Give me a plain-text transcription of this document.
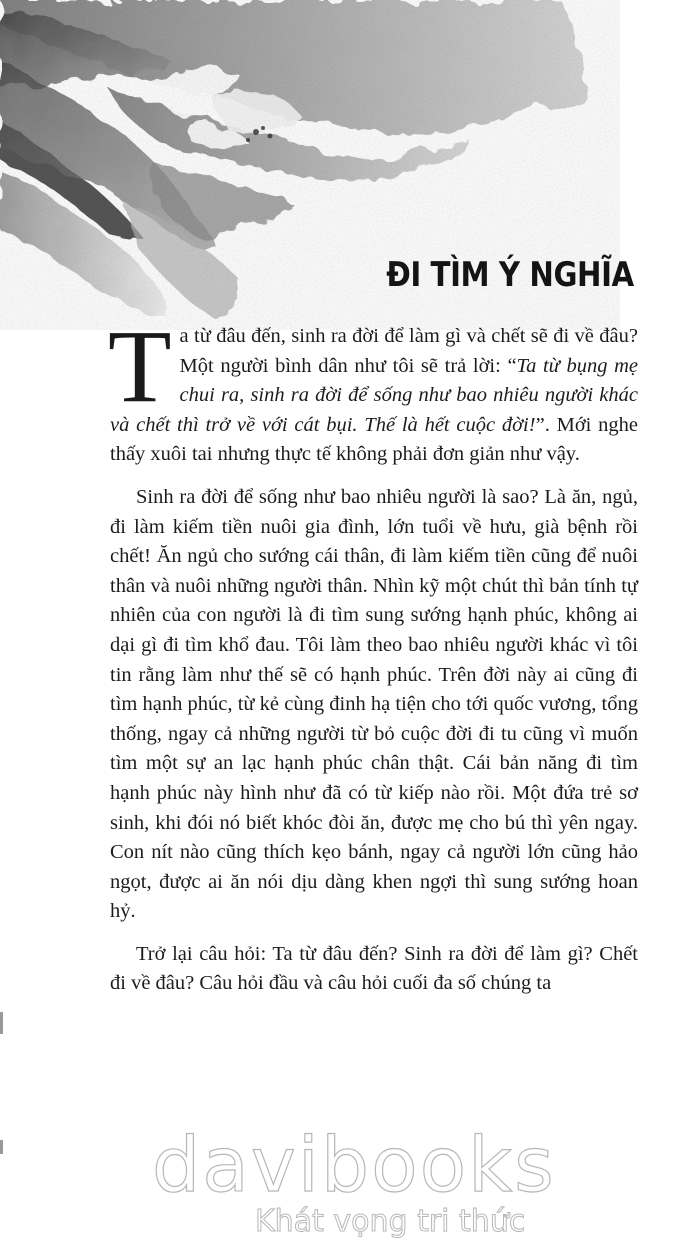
ĐI TÌM Ý NGHĨA

Ta từ đâu đến, sinh ra đời để làm gì và chết sẽ đi về đâu? Một người bình dân như tôi sẽ trả lời: “Ta từ bụng mẹ chui ra, sinh ra đời để sống như bao nhiêu người khác và chết thì trở về với cát bụi. Thế là hết cuộc đời!”. Mới nghe thấy xuôi tai nhưng thực tế không phải đơn giản như vậy.

Sinh ra đời để sống như bao nhiêu người là sao? Là ăn, ngủ, đi làm kiếm tiền nuôi gia đình, lớn tuổi về hưu, già bệnh rồi chết! Ăn ngủ cho sướng cái thân, đi làm kiếm tiền cũng để nuôi thân và nuôi những người thân. Nhìn kỹ một chút thì bản tính tự nhiên của con người là đi tìm sung sướng hạnh phúc, không ai dại gì đi tìm khổ đau. Tôi làm theo bao nhiêu người khác vì tôi tin rằng làm như thế sẽ có hạnh phúc. Trên đời này ai cũng đi tìm hạnh phúc, từ kẻ cùng đinh hạ tiện cho tới quốc vương, tổng thống, ngay cả những người từ bỏ cuộc đời đi tu cũng vì muốn tìm một sự an lạc hạnh phúc chân thật. Cái bản năng đi tìm hạnh phúc này hình như đã có từ kiếp nào rồi. Một đứa trẻ sơ sinh, khi đói nó biết khóc đòi ăn, được mẹ cho bú thì yên ngay. Con nít nào cũng thích kẹo bánh, ngay cả người lớn cũng hảo ngọt, được ai ăn nói dịu dàng khen ngợi thì sung sướng hoan hỷ.

Trở lại câu hỏi: Ta từ đâu đến? Sinh ra đời để làm gì? Chết đi về đâu? Câu hỏi đầu và câu hỏi cuối đa số chúng ta

davibooks
Khát vọng tri thức
